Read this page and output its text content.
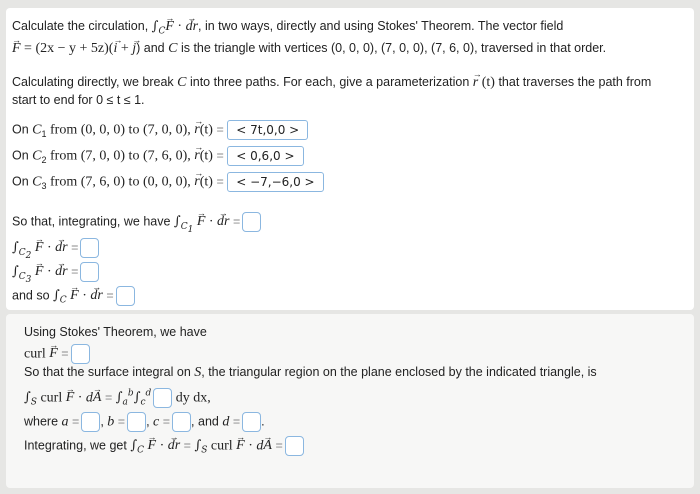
Calculate the circulation, $\int_CF$ → · dr →, in two ways, directly and using Stokes' Theorem. The vector field
F → = (2x − y + 5z)(i → + j →) and C is the triangle with vertices (0, 0, 0), (7, 0, 0), (7, 6, 0), traversed in that order.
Calculating directly, we break C into three paths. For each, give a parameterization r → (t) that traverses the path from
start to end for 0 ≤ t ≤ 1.
On $C_1$ from (0, 0, 0) to (7, 0, 0), r →(t) = < 7t,0,0 >
On $C_2$ from (7, 0, 0) to (7, 6, 0), r →(t) = < 0,6,0 >
On $C_3$ from (7, 6, 0) to (0, 0, 0), r →(t) = < −7,−6,0 >
So that, integrating, we have $\int_{C_1}$ F → · dr → =
$\int_{C_2}$ F → · dr → =
$\int_{C_3}$ F → · dr → =
and so $\int_C$ F → · dr → =
Using Stokes' Theorem, we have
curl F → =
So that the surface integral on S, the triangular region on the plane enclosed by the indicated triangle, is
$\int_S$ curl F → · dA → = $\int_a^b\int_c^d$ dy dx,
where a = , b = , c = , and d = .
Integrating, we get $\int_C$ F → · dr → = $\int_S$ curl F → · dA → =
